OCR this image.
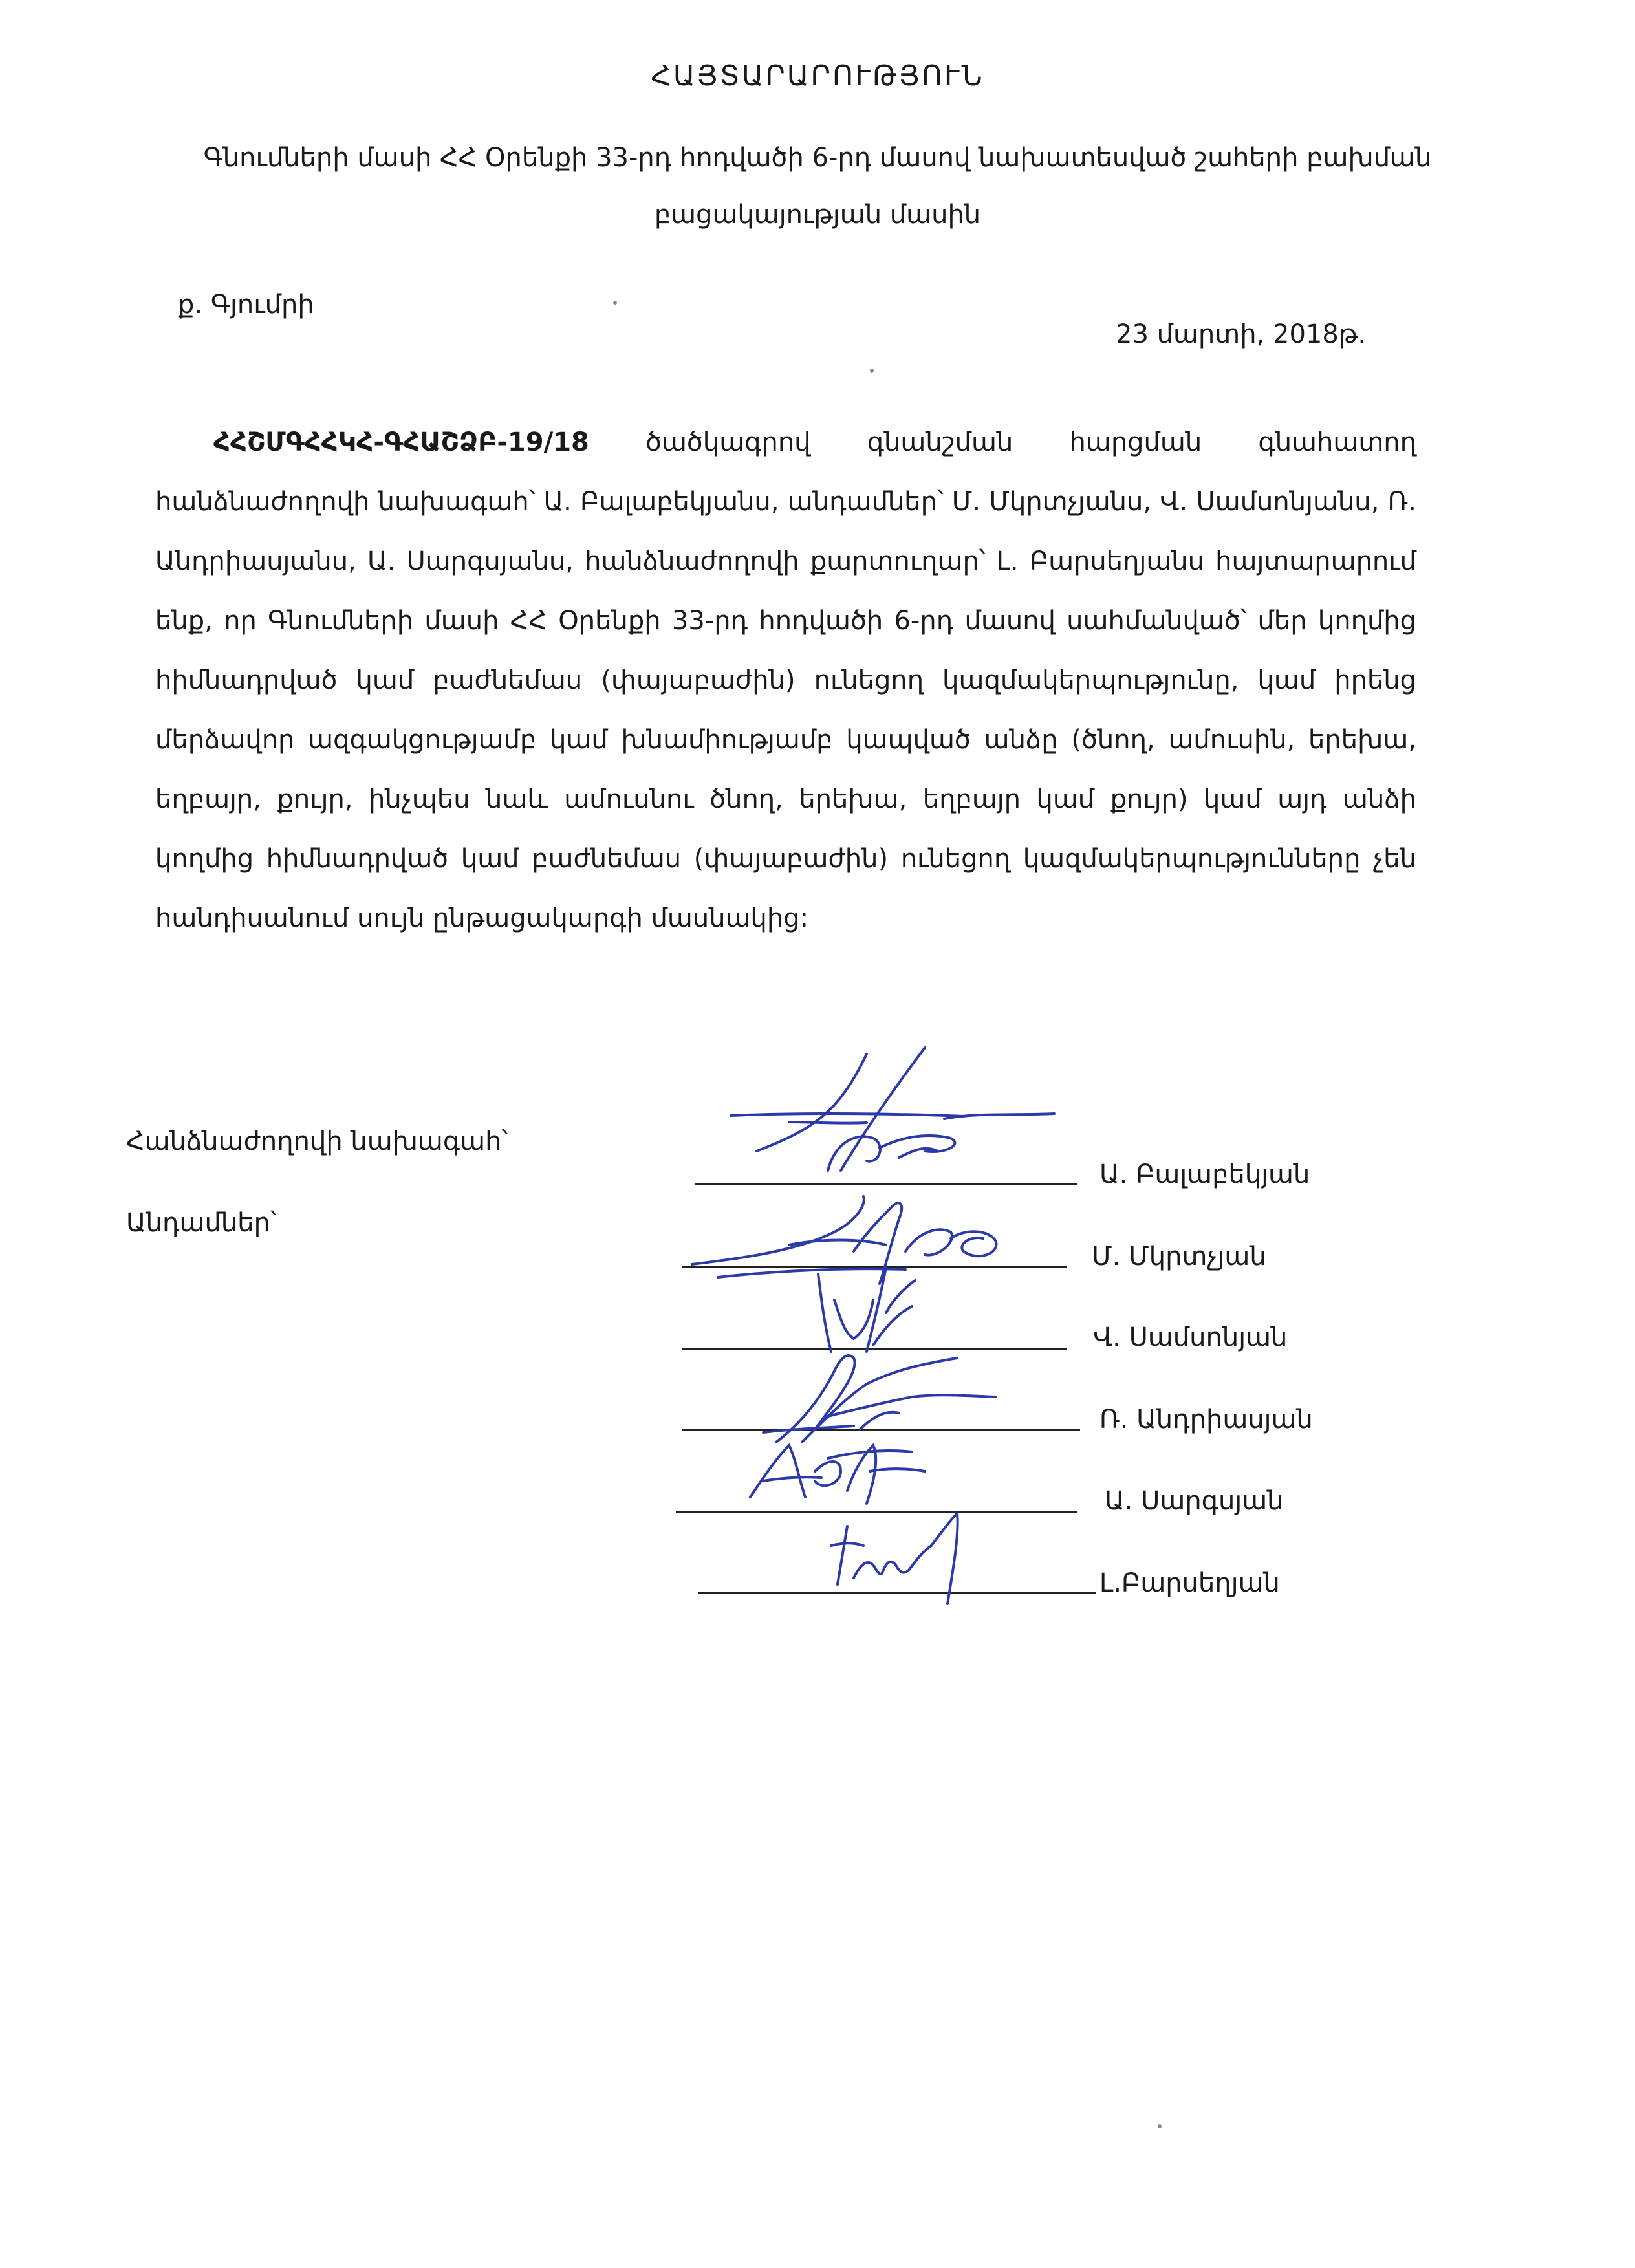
ՀԱՅՏԱՐԱՐՈՒԹՅՈՒՆ
Գնումների մասի ՀՀ Օրենքի 33-րդ հոդվածի 6-րդ մասով նախատեսված շահերի բախման բացակայության մասին
ք. Գյումրի
23 մարտի, 2018թ.
ՀՀՇՄԳՀՀԿՀ-ԳՀԱՇՁԲ-19/18 ծածկագրով գնանշման հարցման գնահատող հանձնաժողովի նախագահ՝ Ա. Բալաբեկյանս, անդամներ՝ Մ. Մկրտչյանս, Վ. Սամսոնյանս, Ռ. Անդրիասյանս, Ա. Սարգսյանս, հանձնաժողովի քարտուղար՝ Լ. Բարսեղյանս հայտարարում ենք, որ Գնումների մասի ՀՀ Օրենքի 33-րդ հոդվածի 6-րդ մասով սահմանված՝ մեր կողմից հիմնադրված կամ բաժնեմաս (փայաբաժին) ունեցող կազմակերպությունը, կամ իրենց մերձավոր ազգակցությամբ կամ խնամիությամբ կապված անձը (ծնող, ամուսին, երեխա, եղբայր, քույր, ինչպես նաև ամուսնու ծնող, երեխա, եղբայր կամ քույր) կամ այդ անձի կողմից հիմնադրված կամ բաժնեմաս (փայաբաժին) ունեցող կազմակերպությունները չեն հանդիսանում սույն ընթացակարգի մասնակից:
Հանձնաժողովի նախագահ՝
Անդամներ՝
Ա. Բալաբեկյան
Մ. Մկրտչյան
Վ. Սամսոնյան
Ռ. Անդրիասյան
Ա. Սարգսյան
Լ.Բարսեղյան
